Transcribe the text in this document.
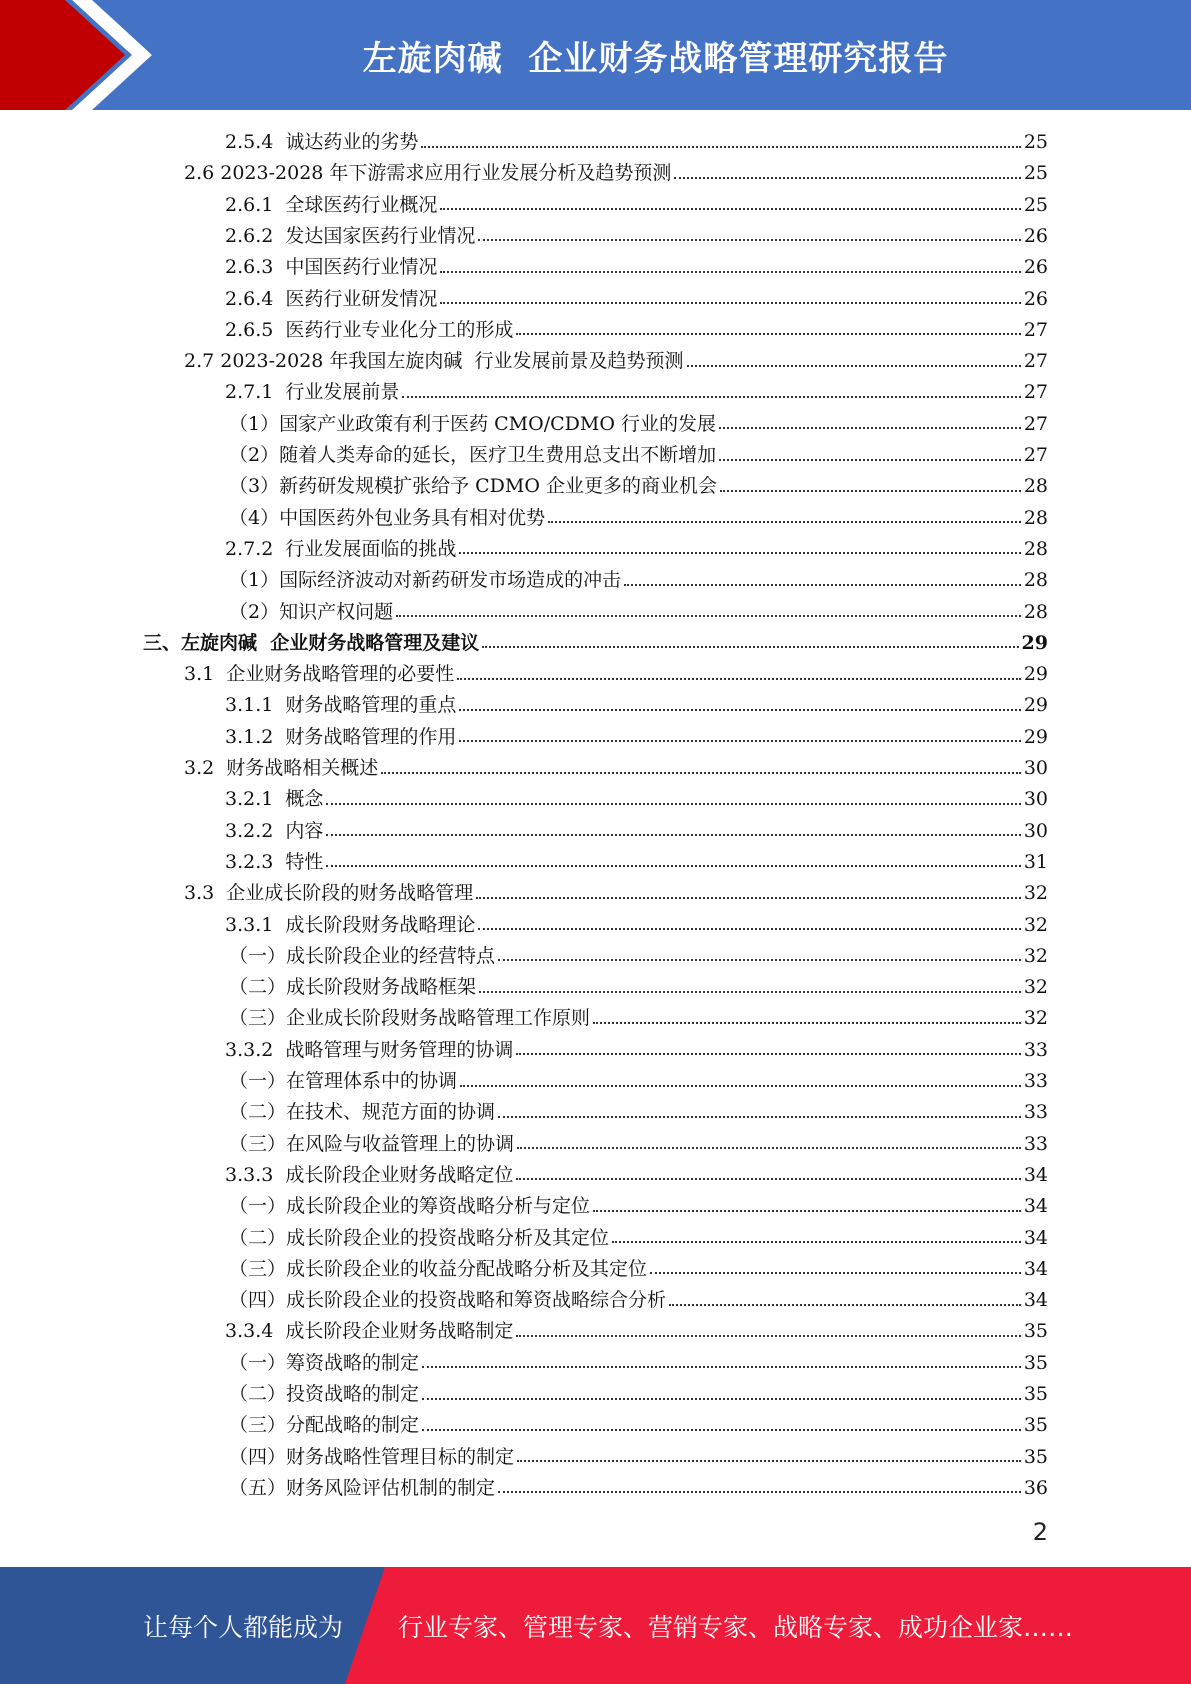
左旋肉碱  企业财务战略管理研究报告
2.5.4  诚达药业的劣势	25
2.6 2023-2028 年下游需求应用行业发展分析及趋势预测	25
2.6.1  全球医药行业概况	25
2.6.2  发达国家医药行业情况	26
2.6.3  中国医药行业情况	26
2.6.4  医药行业研发情况	26
2.6.5  医药行业专业化分工的形成	27
2.7 2023-2028 年我国左旋肉碱  行业发展前景及趋势预测	27
2.7.1  行业发展前景	27
（1）国家产业政策有利于医药 CMO/CDMO 行业的发展	27
（2）随着人类寿命的延长，医疗卫生费用总支出不断增加	27
（3）新药研发规模扩张给予 CDMO 企业更多的商业机会	28
（4）中国医药外包业务具有相对优势	28
2.7.2  行业发展面临的挑战	28
（1）国际经济波动对新药研发市场造成的冲击	28
（2）知识产权问题	28
三、左旋肉碱  企业财务战略管理及建议	29
3.1  企业财务战略管理的必要性	29
3.1.1  财务战略管理的重点	29
3.1.2  财务战略管理的作用	29
3.2  财务战略相关概述	30
3.2.1  概念	30
3.2.2  内容	30
3.2.3  特性	31
3.3  企业成长阶段的财务战略管理	32
3.3.1  成长阶段财务战略理论	32
（一）成长阶段企业的经营特点	32
（二）成长阶段财务战略框架	32
（三）企业成长阶段财务战略管理工作原则	32
3.3.2  战略管理与财务管理的协调	33
（一）在管理体系中的协调	33
（二）在技术、规范方面的协调	33
（三）在风险与收益管理上的协调	33
3.3.3  成长阶段企业财务战略定位	34
（一）成长阶段企业的筹资战略分析与定位	34
（二）成长阶段企业的投资战略分析及其定位	34
（三）成长阶段企业的收益分配战略分析及其定位	34
（四）成长阶段企业的投资战略和筹资战略综合分析	34
3.3.4  成长阶段企业财务战略制定	35
（一）筹资战略的制定	35
（二）投资战略的制定	35
（三）分配战略的制定	35
（四）财务战略性管理目标的制定	35
（五）财务风险评估机制的制定	36
2
让每个人都能成为 行业专家、管理专家、营销专家、战略专家、成功企业家……
